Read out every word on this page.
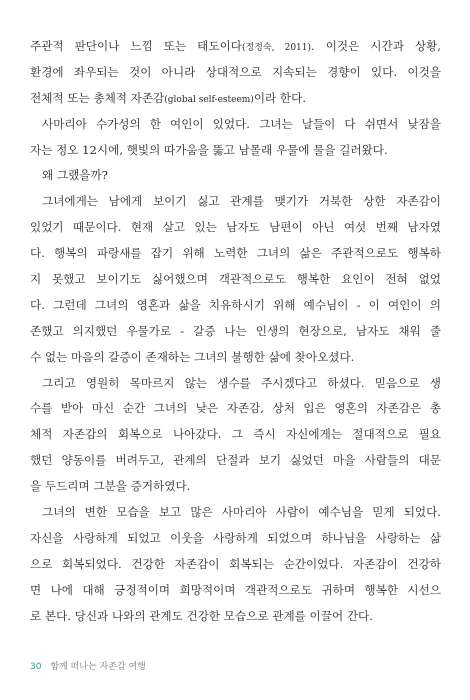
주관적 판단이나 느낌 또는 태도이다(정정숙, 2011). 이것은 시간과 상황,
환경에 좌우되는 것이 아니라 상대적으로 지속되는 경향이 있다. 이것을
전체적 또는 총체적 자존감(global self-esteem)이라 한다.
사마리아 수가성의 한 여인이 있었다. 그녀는 날들이 다 쉬면서 낮잠을
자는 정오 12시에, 햇빛의 따가움을 뚫고 남몰래 우물에 물을 길러왔다.
왜 그랬을까?
그녀에게는 남에게 보이기 싫고 관계를 맺기가 거북한 상한 자존감이
있었기 때문이다. 현재 살고 있는 남자도 남편이 아닌 여섯 번째 남자였
다. 행복의 파랑새를 잡기 위해 노력한 그녀의 삶은 주관적으로도 행복하
지 못했고 보이기도 싫어했으며 객관적으로도 행복한 요인이 전혀 없었
다. 그런데 그녀의 영혼과 삶을 치유하시기 위해 예수님이 - 이 여인이 의
존했고 의지했던 우물가로 - 갈증 나는 인생의 현장으로, 남자도 채워 줄
수 없는 마음의 갈증이 존재하는 그녀의 불행한 삶에 찾아오셨다.
그리고 영원히 목마르지 않는 생수를 주시겠다고 하셨다. 믿음으로 생
수를 받아 마신 순간 그녀의 낮은 자존감, 상처 입은 영혼의 자존감은 총
체적 자존감의 회복으로 나아갔다. 그 즉시 자신에게는 절대적으로 필요
했던 양동이를 버려두고, 관계의 단절과 보기 싫었던 마을 사람들의 대문
을 두드리며 그분을 증거하였다.
그녀의 변한 모습을 보고 많은 사마리아 사람이 예수님을 믿게 되었다.
자신을 사랑하게 되었고 이웃을 사랑하게 되었으며 하나님을 사랑하는 삶
으로 회복되었다. 건강한 자존감이 회복되는 순간이었다. 자존감이 건강하
면 나에 대해 긍정적이며 희망적이며 객관적으로도 귀하며 행복한 시선으
로 본다. 당신과 나와의 관계도 건강한 모습으로 관계를 이끌어 간다.
30 함께 떠나는 자존감 여행
